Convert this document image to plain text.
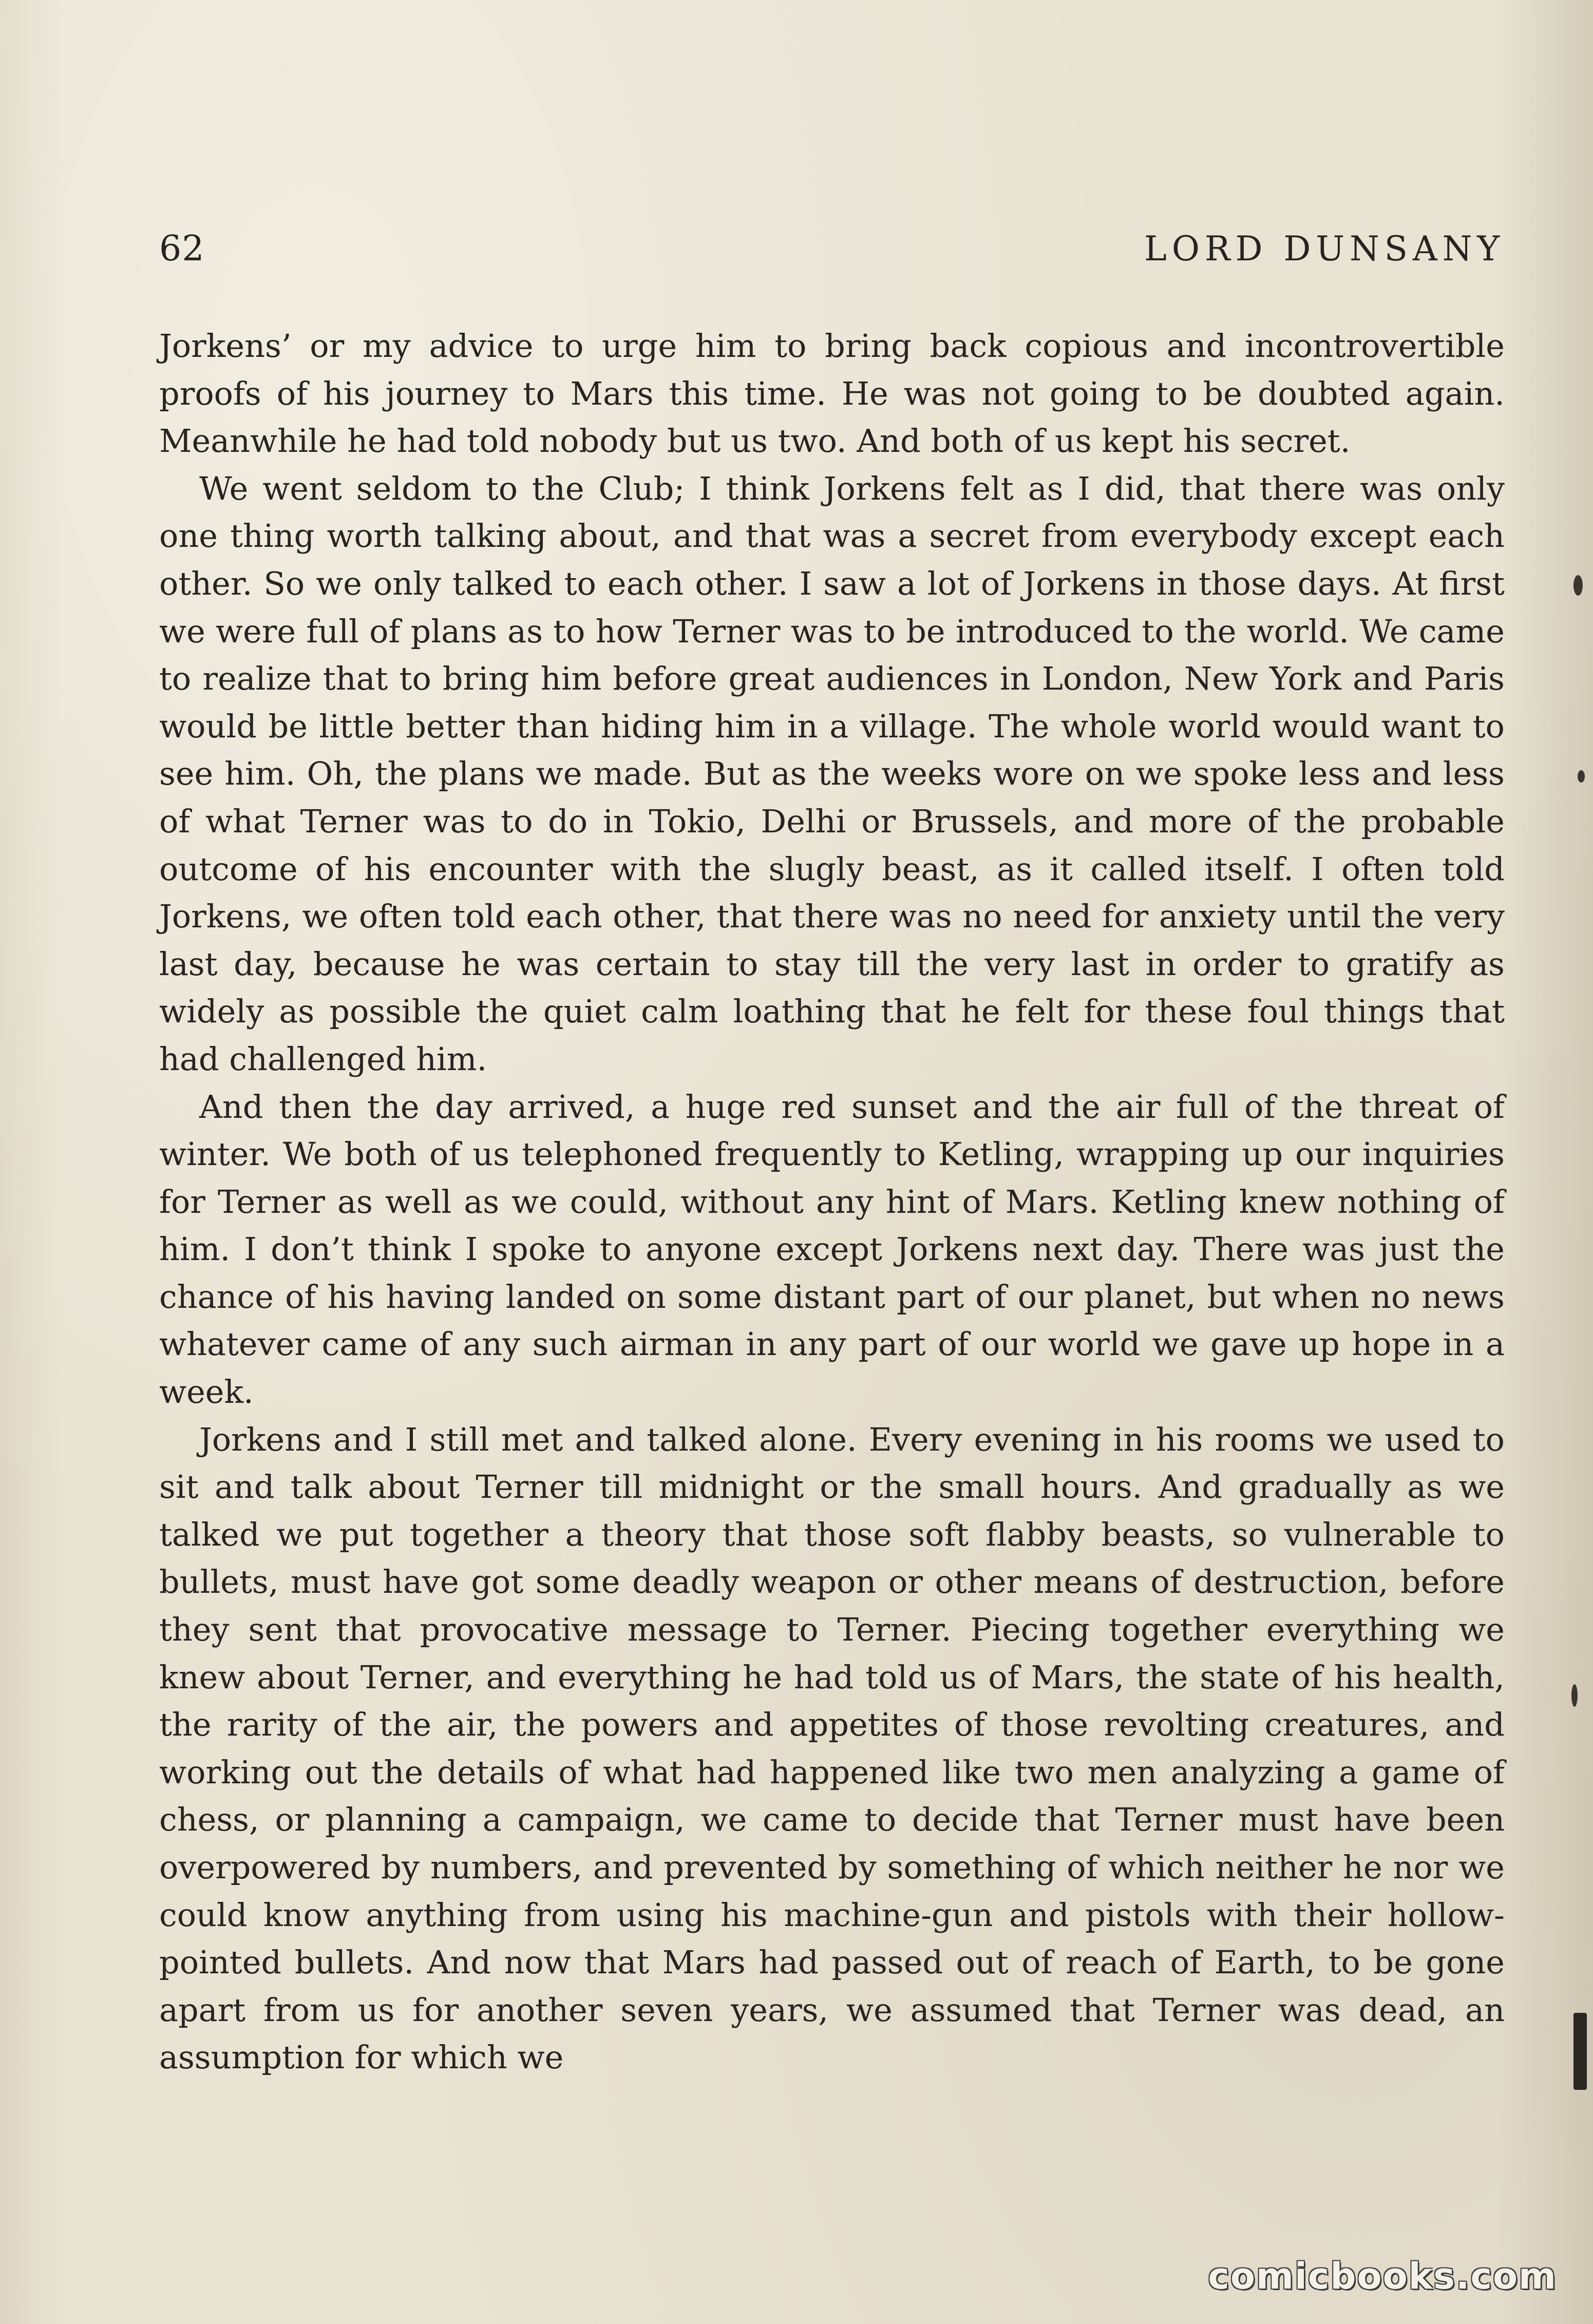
62	LORD DUNSANY

Jorkens’ or my advice to urge him to bring back copious and incontrovertible proofs of his journey to Mars this time. He was not going to be doubted again. Meanwhile he had told nobody but us two. And both of us kept his secret.

We went seldom to the Club; I think Jorkens felt as I did, that there was only one thing worth talking about, and that was a secret from everybody except each other. So we only talked to each other. I saw a lot of Jorkens in those days. At first we were full of plans as to how Terner was to be introduced to the world. We came to realize that to bring him before great audiences in London, New York and Paris would be little better than hiding him in a village. The whole world would want to see him. Oh, the plans we made. But as the weeks wore on we spoke less and less of what Terner was to do in Tokio, Delhi or Brussels, and more of the probable outcome of his encounter with the slugly beast, as it called itself. I often told Jorkens, we often told each other, that there was no need for anxiety until the very last day, because he was certain to stay till the very last in order to gratify as widely as possible the quiet calm loathing that he felt for these foul things that had challenged him.

And then the day arrived, a huge red sunset and the air full of the threat of winter. We both of us telephoned frequently to Ketling, wrapping up our inquiries for Terner as well as we could, without any hint of Mars. Ketling knew nothing of him. I don’t think I spoke to anyone except Jorkens next day. There was just the chance of his having landed on some distant part of our planet, but when no news whatever came of any such airman in any part of our world we gave up hope in a week.

Jorkens and I still met and talked alone. Every evening in his rooms we used to sit and talk about Terner till midnight or the small hours. And gradually as we talked we put together a theory that those soft flabby beasts, so vulnerable to bullets, must have got some deadly weapon or other means of destruction, before they sent that provocative message to Terner. Piecing together everything we knew about Terner, and everything he had told us of Mars, the state of his health, the rarity of the air, the powers and appetites of those revolting creatures, and working out the details of what had happened like two men analyzing a game of chess, or planning a campaign, we came to decide that Terner must have been overpowered by numbers, and prevented by something of which neither he nor we could know anything from using his machine-gun and pistols with their hollow-pointed bullets. And now that Mars had passed out of reach of Earth, to be gone apart from us for another seven years, we assumed that Terner was dead, an assumption for which we

comicbooks.com
